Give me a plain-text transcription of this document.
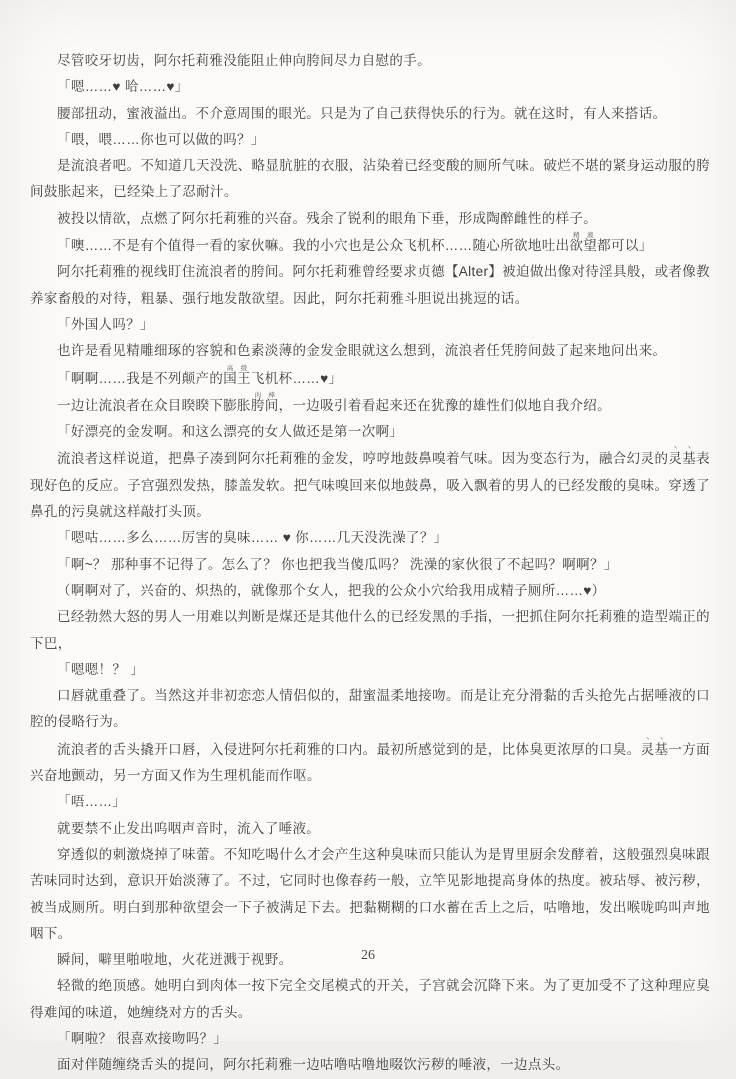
尽管咬牙切齿，阿尔托莉雅没能阻止伸向胯间尽力自慰的手。

「嗯……♥ 哈……♥」

腰部扭动，蜜液溢出。不介意周围的眼光。只是为了自己获得快乐的行为。就在这时，有人来搭话。

「喂，喂……你也可以做的吗？」

是流浪者吧。不知道几天没洗、略显肮脏的衣服，沾染着已经变酸的厕所气味。破烂不堪的紧身运动服的胯间鼓胀起来，已经染上了忍耐汁。

被投以情欲，点燃了阿尔托莉雅的兴奋。残余了锐利的眼角下垂，形成陶醉雌性的样子。

「噢……不是有个值得一看的家伙嘛。我的小穴也是公众飞机杯……随心所欲地吐出欲望精液都可以」

阿尔托莉雅的视线盯住流浪者的胯间。阿尔托莉雅曾经要求贞德【Alter】被迫做出像对待淫具般，或者像教养家畜般的对待，粗暴、强行地发散欲望。因此，阿尔托莉雅斗胆说出挑逗的话。

「外国人吗？」

也许是看见精雕细琢的容貌和色素淡薄的金发金眼就这么想到，流浪者任凭胯间鼓了起来地问出来。

「啊啊……我是不列颠产的国王高级飞机杯……♥」

一边让流浪者在众目睽睽下膨胀胯间肉棒，一边吸引着看起来还在犹豫的雄性们似地自我介绍。

「好漂亮的金发啊。和这么漂亮的女人做还是第一次啊」

流浪者这样说道，把鼻子凑到阿尔托莉雅的金发，哼哼地鼓鼻嗅着气味。因为变态行为，融合幻灵的灵基丶丶表现好色的反应。子宫强烈发热，膝盖发软。把气味嗅回来似地鼓鼻，吸入飘着的男人的已经发酸的臭味。穿透了鼻孔的污臭就这样敲打头顶。

「嗯咕……多么……厉害的臭味…… ♥ 你……几天没洗澡了？」

「啊~？ 那种事不记得了。怎么了？ 你也把我当傻瓜吗？ 洗澡的家伙很了不起吗？啊啊？」

（啊啊对了，兴奋的、炽热的，就像那个女人，把我的公众小穴给我用成精子厕所……♥）

已经勃然大怒的男人一用难以判断是煤还是其他什么的已经发黑的手指，一把抓住阿尔托莉雅的造型端正的下巴，

「嗯嗯！？ 」

口唇就重叠了。当然这并非初恋恋人情侣似的，甜蜜温柔地接吻。而是让充分滑黏的舌头抢先占据唾液的口腔的侵略行为。

流浪者的舌头撬开口唇，入侵进阿尔托莉雅的口内。最初所感觉到的是，比体臭更浓厚的口臭。灵基丶丶一方面兴奋地颤动，另一方面又作为生理机能而作呕。

「唔……」

就要禁不止发出呜咽声音时，流入了唾液。

穿透似的刺激烧掉了味蕾。不知吃喝什么才会产生这种臭味而只能认为是胃里厨余发酵着，这般强烈臭味跟苦味同时达到，意识开始淡薄了。不过，它同时也像春药一般，立竿见影地提高身体的热度。被玷辱、被污秽，被当成厕所。明白到那种欲望会一下子被满足下去。把黏糊糊的口水蓄在舌上之后，咕噜地，发出喉咙呜叫声地咽下。

瞬间，噼里啪啦地，火花迸溅于视野。

轻微的绝顶感。她明白到肉体一按下完全交尾模式的开关，子宫就会沉降下来。为了更加受不了这种理应臭得难闻的味道，她缠绕对方的舌头。

「啊啦？ 很喜欢接吻吗？」

面对伴随缠绕舌头的提问，阿尔托莉雅一边咕噜咕噜地啜饮污秽的唾液，一边点头。

26
